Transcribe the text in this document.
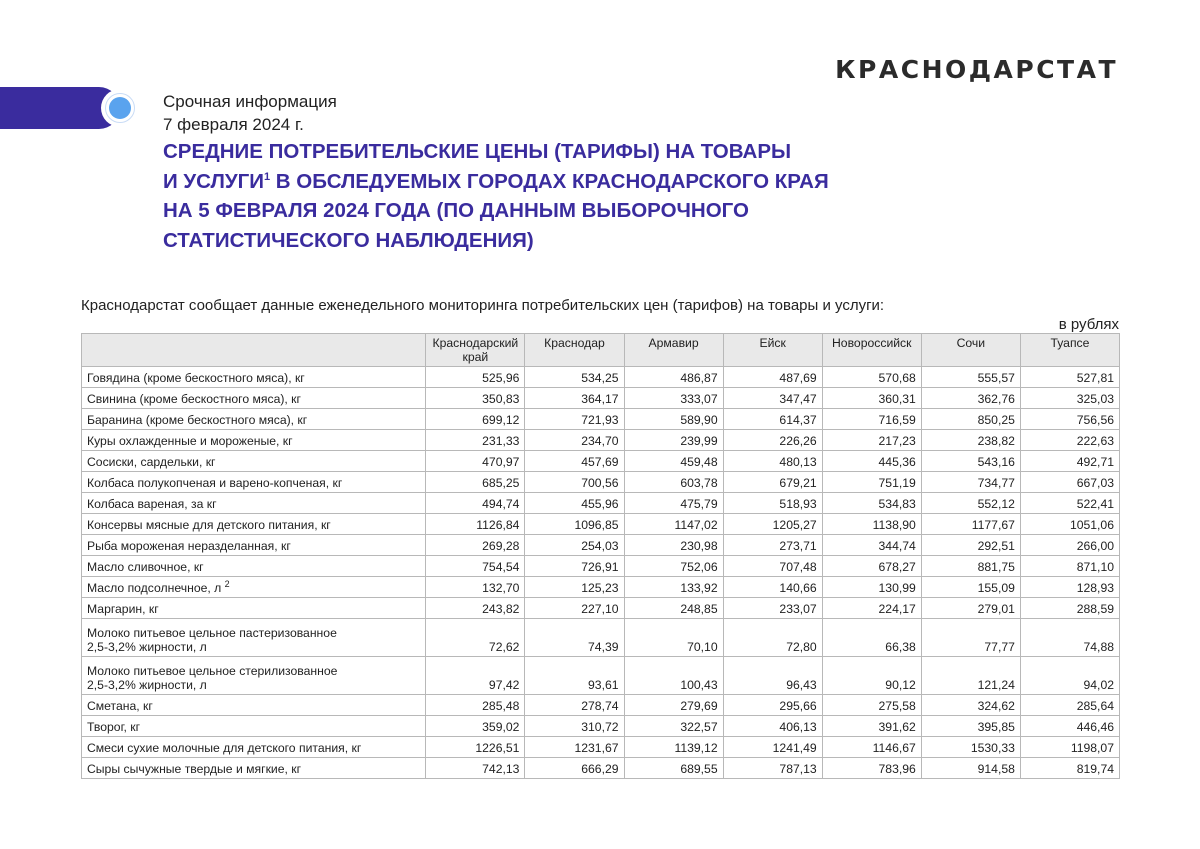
КРАСНОДАРСТАТ
Срочная информация
7 февраля 2024 г.
СРЕДНИЕ ПОТРЕБИТЕЛЬСКИЕ ЦЕНЫ (ТАРИФЫ) НА ТОВАРЫ
И УСЛУГИ$^1$ В ОБСЛЕДУЕМЫХ ГОРОДАХ КРАСНОДАРСКОГО КРАЯ
НА 5 ФЕВРАЛЯ 2024 ГОДА (ПО ДАННЫМ ВЫБОРОЧНОГО
СТАТИСТИЧЕСКОГО НАБЛЮДЕНИЯ)
Краснодарстат сообщает данные еженедельного мониторинга потребительских цен (тарифов) на товары и услуги:
в рублях
	Краснодарский край	Краснодар	Армавир	Ейск	Новороссийск	Сочи	Туапсе
Говядина (кроме бескостного мяса), кг	525,96	534,25	486,87	487,69	570,68	555,57	527,81
Свинина (кроме бескостного мяса), кг	350,83	364,17	333,07	347,47	360,31	362,76	325,03
Баранина (кроме бескостного мяса), кг	699,12	721,93	589,90	614,37	716,59	850,25	756,56
Куры охлажденные и мороженые, кг	231,33	234,70	239,99	226,26	217,23	238,82	222,63
Сосиски, сардельки, кг	470,97	457,69	459,48	480,13	445,36	543,16	492,71
Колбаса полукопченая и варено-копченая, кг	685,25	700,56	603,78	679,21	751,19	734,77	667,03
Колбаса вареная, за кг	494,74	455,96	475,79	518,93	534,83	552,12	522,41
Консервы мясные для детского питания, кг	1126,84	1096,85	1147,02	1205,27	1138,90	1177,67	1051,06
Рыба мороженая неразделанная, кг	269,28	254,03	230,98	273,71	344,74	292,51	266,00
Масло сливочное, кг	754,54	726,91	752,06	707,48	678,27	881,75	871,10
Масло подсолнечное, л $^2$	132,70	125,23	133,92	140,66	130,99	155,09	128,93
Маргарин, кг	243,82	227,10	248,85	233,07	224,17	279,01	288,59
Молоко питьевое цельное пастеризованное
2,5-3,2% жирности, л	72,62	74,39	70,10	72,80	66,38	77,77	74,88
Молоко питьевое цельное стерилизованное
2,5-3,2% жирности, л	97,42	93,61	100,43	96,43	90,12	121,24	94,02
Сметана, кг	285,48	278,74	279,69	295,66	275,58	324,62	285,64
Творог, кг	359,02	310,72	322,57	406,13	391,62	395,85	446,46
Смеси сухие молочные для детского питания, кг	1226,51	1231,67	1139,12	1241,49	1146,67	1530,33	1198,07
Сыры сычужные твердые и мягкие, кг	742,13	666,29	689,55	787,13	783,96	914,58	819,74
